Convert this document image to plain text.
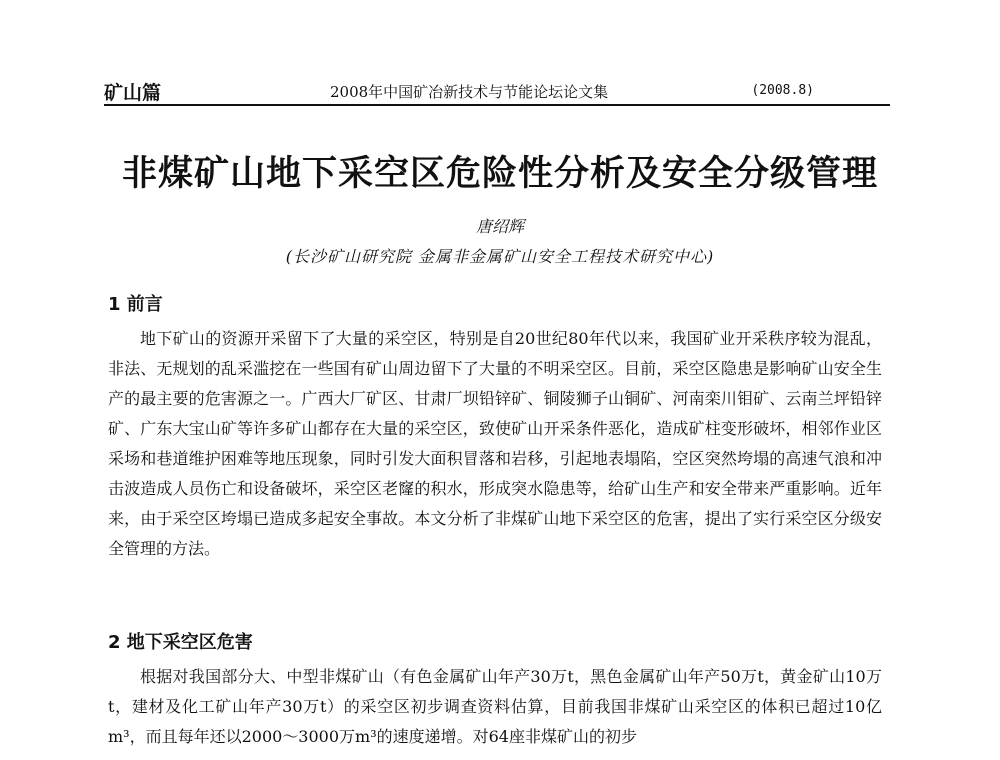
矿山篇	2008年中国矿冶新技术与节能论坛论文集	(2008.8)
非煤矿山地下采空区危险性分析及安全分级管理
唐绍辉
(长沙矿山研究院 金属非金属矿山安全工程技术研究中心)
1 前言

地下矿山的资源开采留下了大量的采空区，特别是自20世纪80年代以来，我国矿业开采秩序较为混乱，非法、无规划的乱采滥挖在一些国有矿山周边留下了大量的不明采空区。目前，采空区隐患是影响矿山安全生产的最主要的危害源之一。广西大厂矿区、甘肃厂坝铅锌矿、铜陵狮子山铜矿、河南栾川钼矿、云南兰坪铅锌矿、广东大宝山矿等许多矿山都存在大量的采空区，致使矿山开采条件恶化，造成矿柱变形破坏，相邻作业区采场和巷道维护困难等地压现象，同时引发大面积冒落和岩移，引起地表塌陷，空区突然垮塌的高速气浪和冲击波造成人员伤亡和设备破坏，采空区老窿的积水，形成突水隐患等，给矿山生产和安全带来严重影响。近年来，由于采空区垮塌已造成多起安全事故。本文分析了非煤矿山地下采空区的危害，提出了实行采空区分级安全管理的方法。

2 地下采空区危害

根据对我国部分大、中型非煤矿山（有色金属矿山年产30万t，黑色金属矿山年产50万t，黄金矿山10万t，建材及化工矿山年产30万t）的采空区初步调查资料估算，目前我国非煤矿山采空区的体积已超过10亿m³，而且每年还以2000～3000万m³的速度递增。对64座非煤矿山的初步
